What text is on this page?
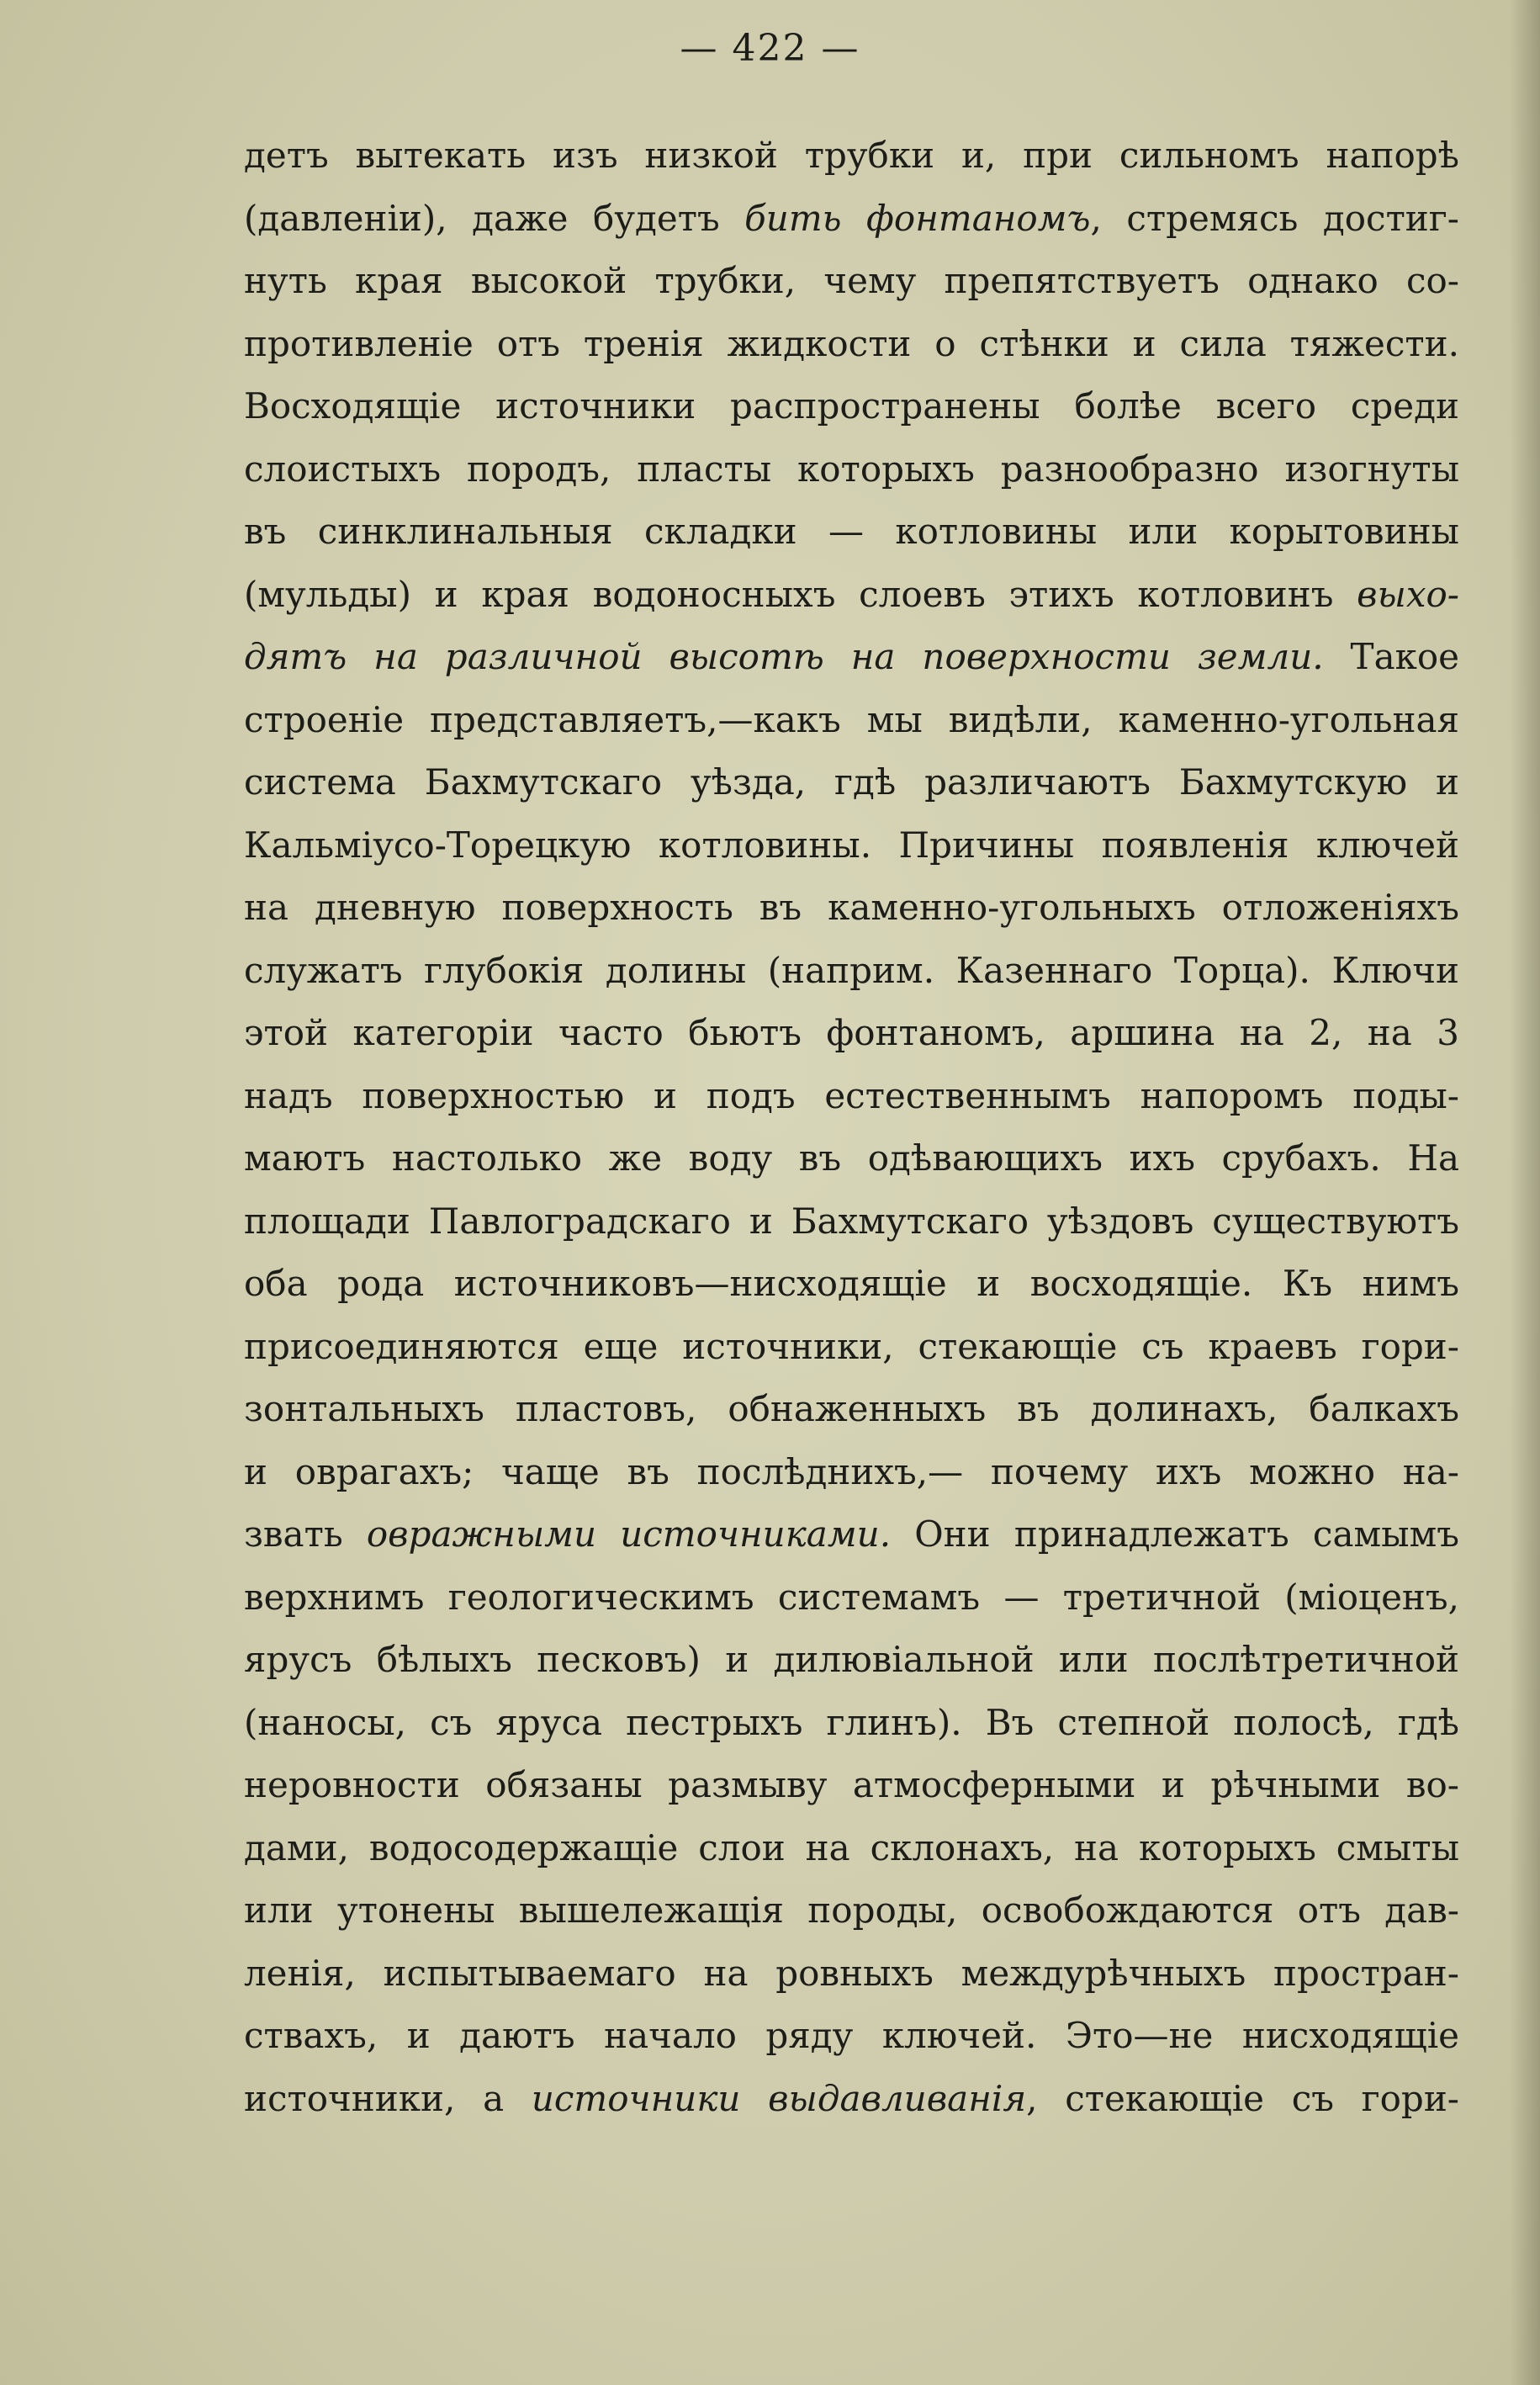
— 422 —
детъ вытекать изъ низкой трубки и, при сильномъ напорѣ
(давленіи), даже будетъ бить фонтаномъ, стремясь достиг-
нуть края высокой трубки, чему препятствуетъ однако со-
противленіе отъ тренія жидкости о стѣнки и сила тяжести.
Восходящіе источники распространены болѣе всего среди
слоистыхъ породъ, пласты которыхъ разнообразно изогнуты
въ синклинальныя складки — котловины или корытовины
(мульды) и края водоносныхъ слоевъ этихъ котловинъ выхо-
дятъ на различной высотѣ на поверхности земли. Такое
строеніе представляетъ,—какъ мы видѣли, каменно-угольная
система Бахмутскаго уѣзда, гдѣ различаютъ Бахмутскую и
Кальміусо-Торецкую котловины. Причины появленія ключей
на дневную поверхность въ каменно-угольныхъ отложеніяхъ
служатъ глубокія долины (наприм. Казеннаго Торца). Ключи
этой категоріи часто бьютъ фонтаномъ, аршина на 2, на 3
надъ поверхностью и подъ естественнымъ напоромъ поды-
маютъ настолько же воду въ одѣвающихъ ихъ срубахъ. На
площади Павлоградскаго и Бахмутскаго уѣздовъ существуютъ
оба рода источниковъ—нисходящіе и восходящіе. Къ нимъ
присоединяются еще источники, стекающіе съ краевъ гори-
зонтальныхъ пластовъ, обнаженныхъ въ долинахъ, балкахъ
и оврагахъ; чаще въ послѣднихъ,— почему ихъ можно на-
звать овражными источниками. Они принадлежатъ самымъ
верхнимъ геологическимъ системамъ — третичной (міоценъ,
ярусъ бѣлыхъ песковъ) и дилювіальной или послѣтретичной
(наносы, съ яруса пестрыхъ глинъ). Въ степной полосѣ, гдѣ
неровности обязаны размыву атмосферными и рѣчными во-
дами, водосодержащіе слои на склонахъ, на которыхъ смыты
или утонены вышележащія породы, освобождаются отъ дав-
ленія, испытываемаго на ровныхъ междурѣчныхъ простран-
ствахъ, и даютъ начало ряду ключей. Это—не нисходящіе
источники, а источники выдавливанія, стекающіе съ гори-
